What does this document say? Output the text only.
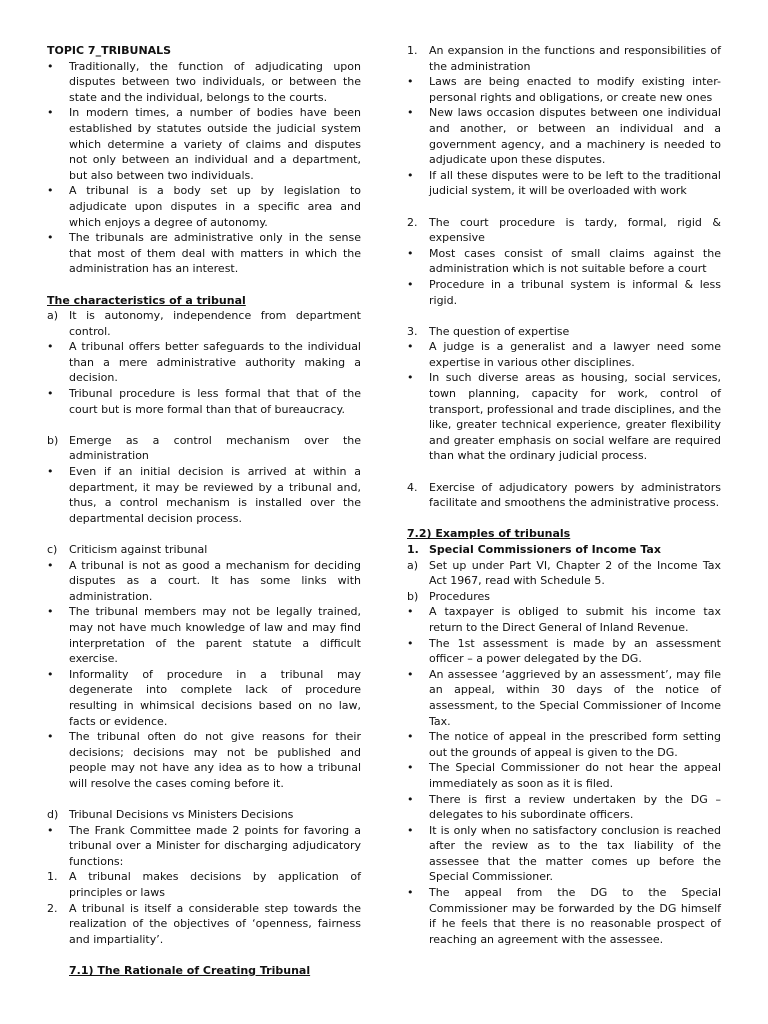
TOPIC 7_TRIBUNALS
•	Traditionally, the function of adjudicating upon disputes between two individuals, or between the state and the individual, belongs to the courts.
•	In modern times, a number of bodies have been established by statutes outside the judicial system which determine a variety of claims and disputes not only between an individual and a department, but also between two individuals.
•	A tribunal is a body set up by legislation to adjudicate upon disputes in a specific area and which enjoys a degree of autonomy.
•	The tribunals are administrative only in the sense that most of them deal with matters in which the administration has an interest.
The characteristics of a tribunal
a) It is autonomy, independence from department control.
•	A tribunal offers better safeguards to the individual than a mere administrative authority making a decision.
•	Tribunal procedure is less formal that that of the court but is more formal than that of bureaucracy.
b) Emerge as a control mechanism over the administration
•	Even if an initial decision is arrived at within a department, it may be reviewed by a tribunal and, thus, a control mechanism is installed over the departmental decision process.
c)	Criticism against tribunal
•	A tribunal is not as good a mechanism for deciding disputes as a court. It has some links with administration.
•	The tribunal members may not be legally trained, may not have much knowledge of law and may find interpretation of the parent statute a difficult exercise.
•	Informality of procedure in a tribunal may degenerate into complete lack of procedure resulting in whimsical decisions based on no law, facts or evidence.
•	The tribunal often do not give reasons for their decisions; decisions may not be published and people may not have any idea as to how a tribunal will resolve the cases coming before it.
d) Tribunal Decisions vs Ministers Decisions
•	The Frank Committee made 2 points for favoring a tribunal over a Minister for discharging adjudicatory functions:
1.	A tribunal makes decisions by application of principles or laws
2.	A tribunal is itself a considerable step towards the realization of the objectives of ‘openness, fairness and impartiality’.
7.1) The Rationale of Creating Tribunal
1.	An expansion in the functions and responsibilities of the administration
•	Laws are being enacted to modify existing inter-personal rights and obligations, or create new ones
•	New laws occasion disputes between one individual and another, or between an individual and a government agency, and a machinery is needed to adjudicate upon these disputes.
•	If all these disputes were to be left to the traditional judicial system, it will be overloaded with work
2.	The court procedure is tardy, formal, rigid & expensive
•	Most cases consist of small claims against the administration which is not suitable before a court
•	Procedure in a tribunal system is informal & less rigid.
3.	The question of expertise
•	A judge is a generalist and a lawyer need some expertise in various other disciplines.
•	In such diverse areas as housing, social services, town planning, capacity for work, control of transport, professional and trade disciplines, and the like, greater technical experience, greater flexibility and greater emphasis on social welfare are required than what the ordinary judicial process.
4.	Exercise of adjudicatory powers by administrators facilitate and smoothens the administrative process.
7.2) Examples of tribunals
1. Special Commissioners of Income Tax
a) Set up under Part VI, Chapter 2 of the Income Tax Act 1967, read with Schedule 5.
b) Procedures
•	A taxpayer is obliged to submit his income tax return to the Direct General of Inland Revenue.
•	The 1st assessment is made by an assessment officer – a power delegated by the DG.
•	An assessee ‘aggrieved by an assessment’, may file an appeal, within 30 days of the notice of assessment, to the Special Commissioner of Income Tax.
•	The notice of appeal in the prescribed form setting out the grounds of appeal is given to the DG.
•	The Special Commissioner do not hear the appeal immediately as soon as it is filed.
•	There is first a review undertaken by the DG – delegates to his subordinate officers.
•	It is only when no satisfactory conclusion is reached after the review as to the tax liability of the assessee that the matter comes up before the Special Commissioner.
•	The appeal from the DG to the Special Commissioner may be forwarded by the DG himself if he feels that there is no reasonable prospect of reaching an agreement with the assessee.
